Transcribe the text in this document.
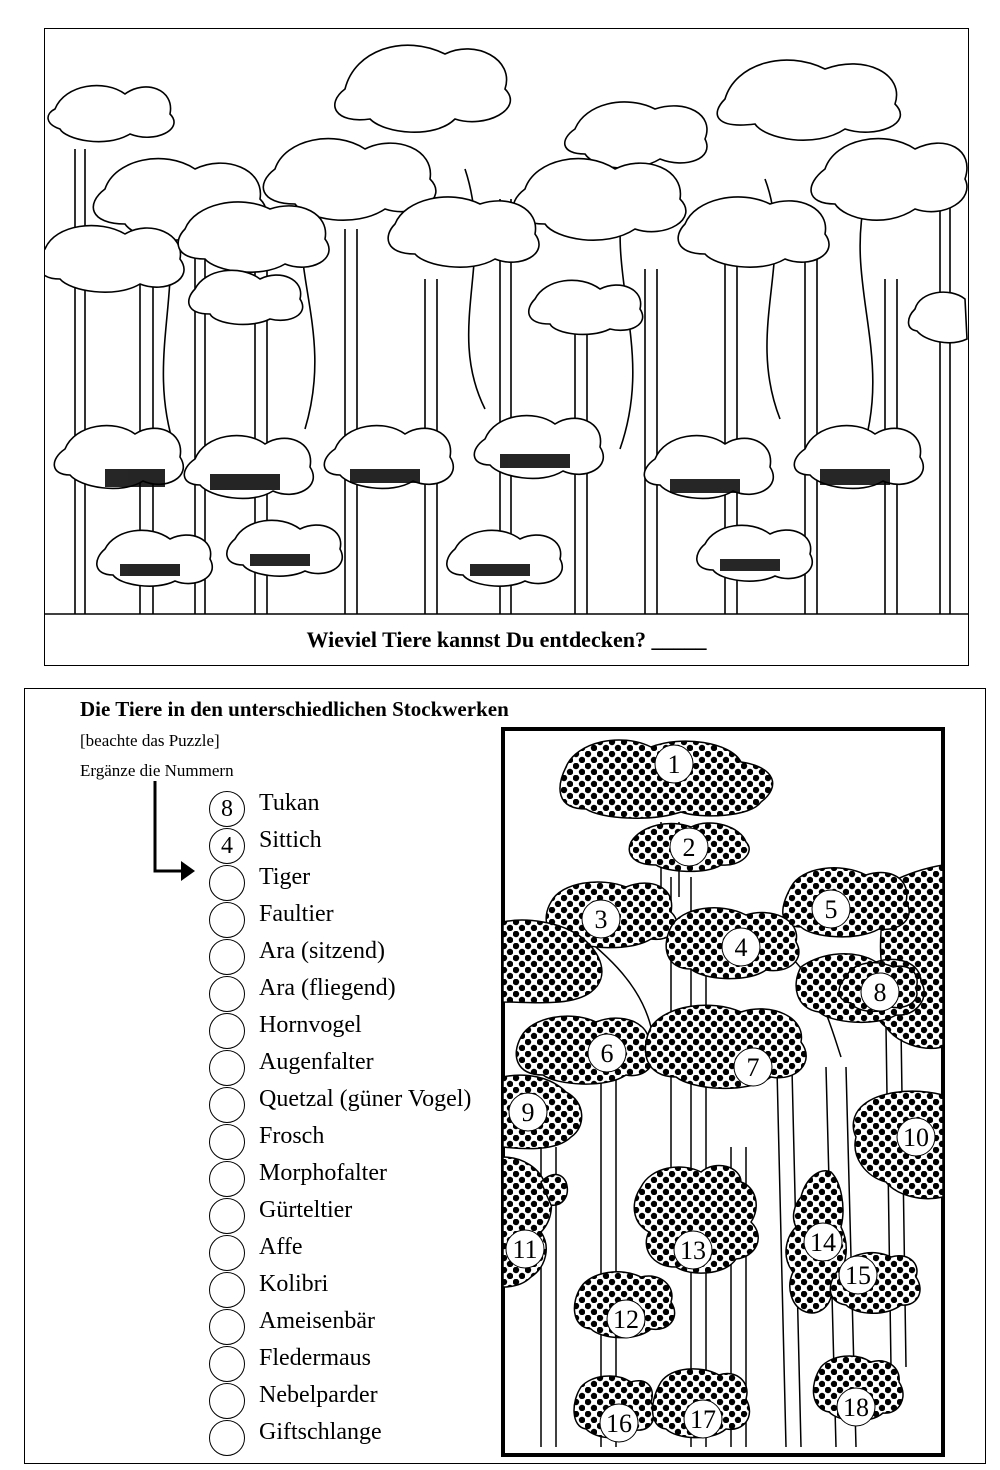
Wieviel Tiere kannst Du entdecken? _____
Die Tiere in den unterschiedlichen Stockwerken
[beachte das Puzzle]
Ergänze die Nummern
8	Tukan
4	Sittich
Tiger
Faultier
Ara (sitzend)
Ara (fliegend)
Hornvogel
Augenfalter
Quetzal (güner Vogel)
Frosch
Morphofalter
Gürteltier
Affe
Kolibri
Ameisenbär
Fledermaus
Nebelparder
Giftschlange
1
2
3
4
5
6	7
8
9
10
11
12
13	14
15
16 17	18
